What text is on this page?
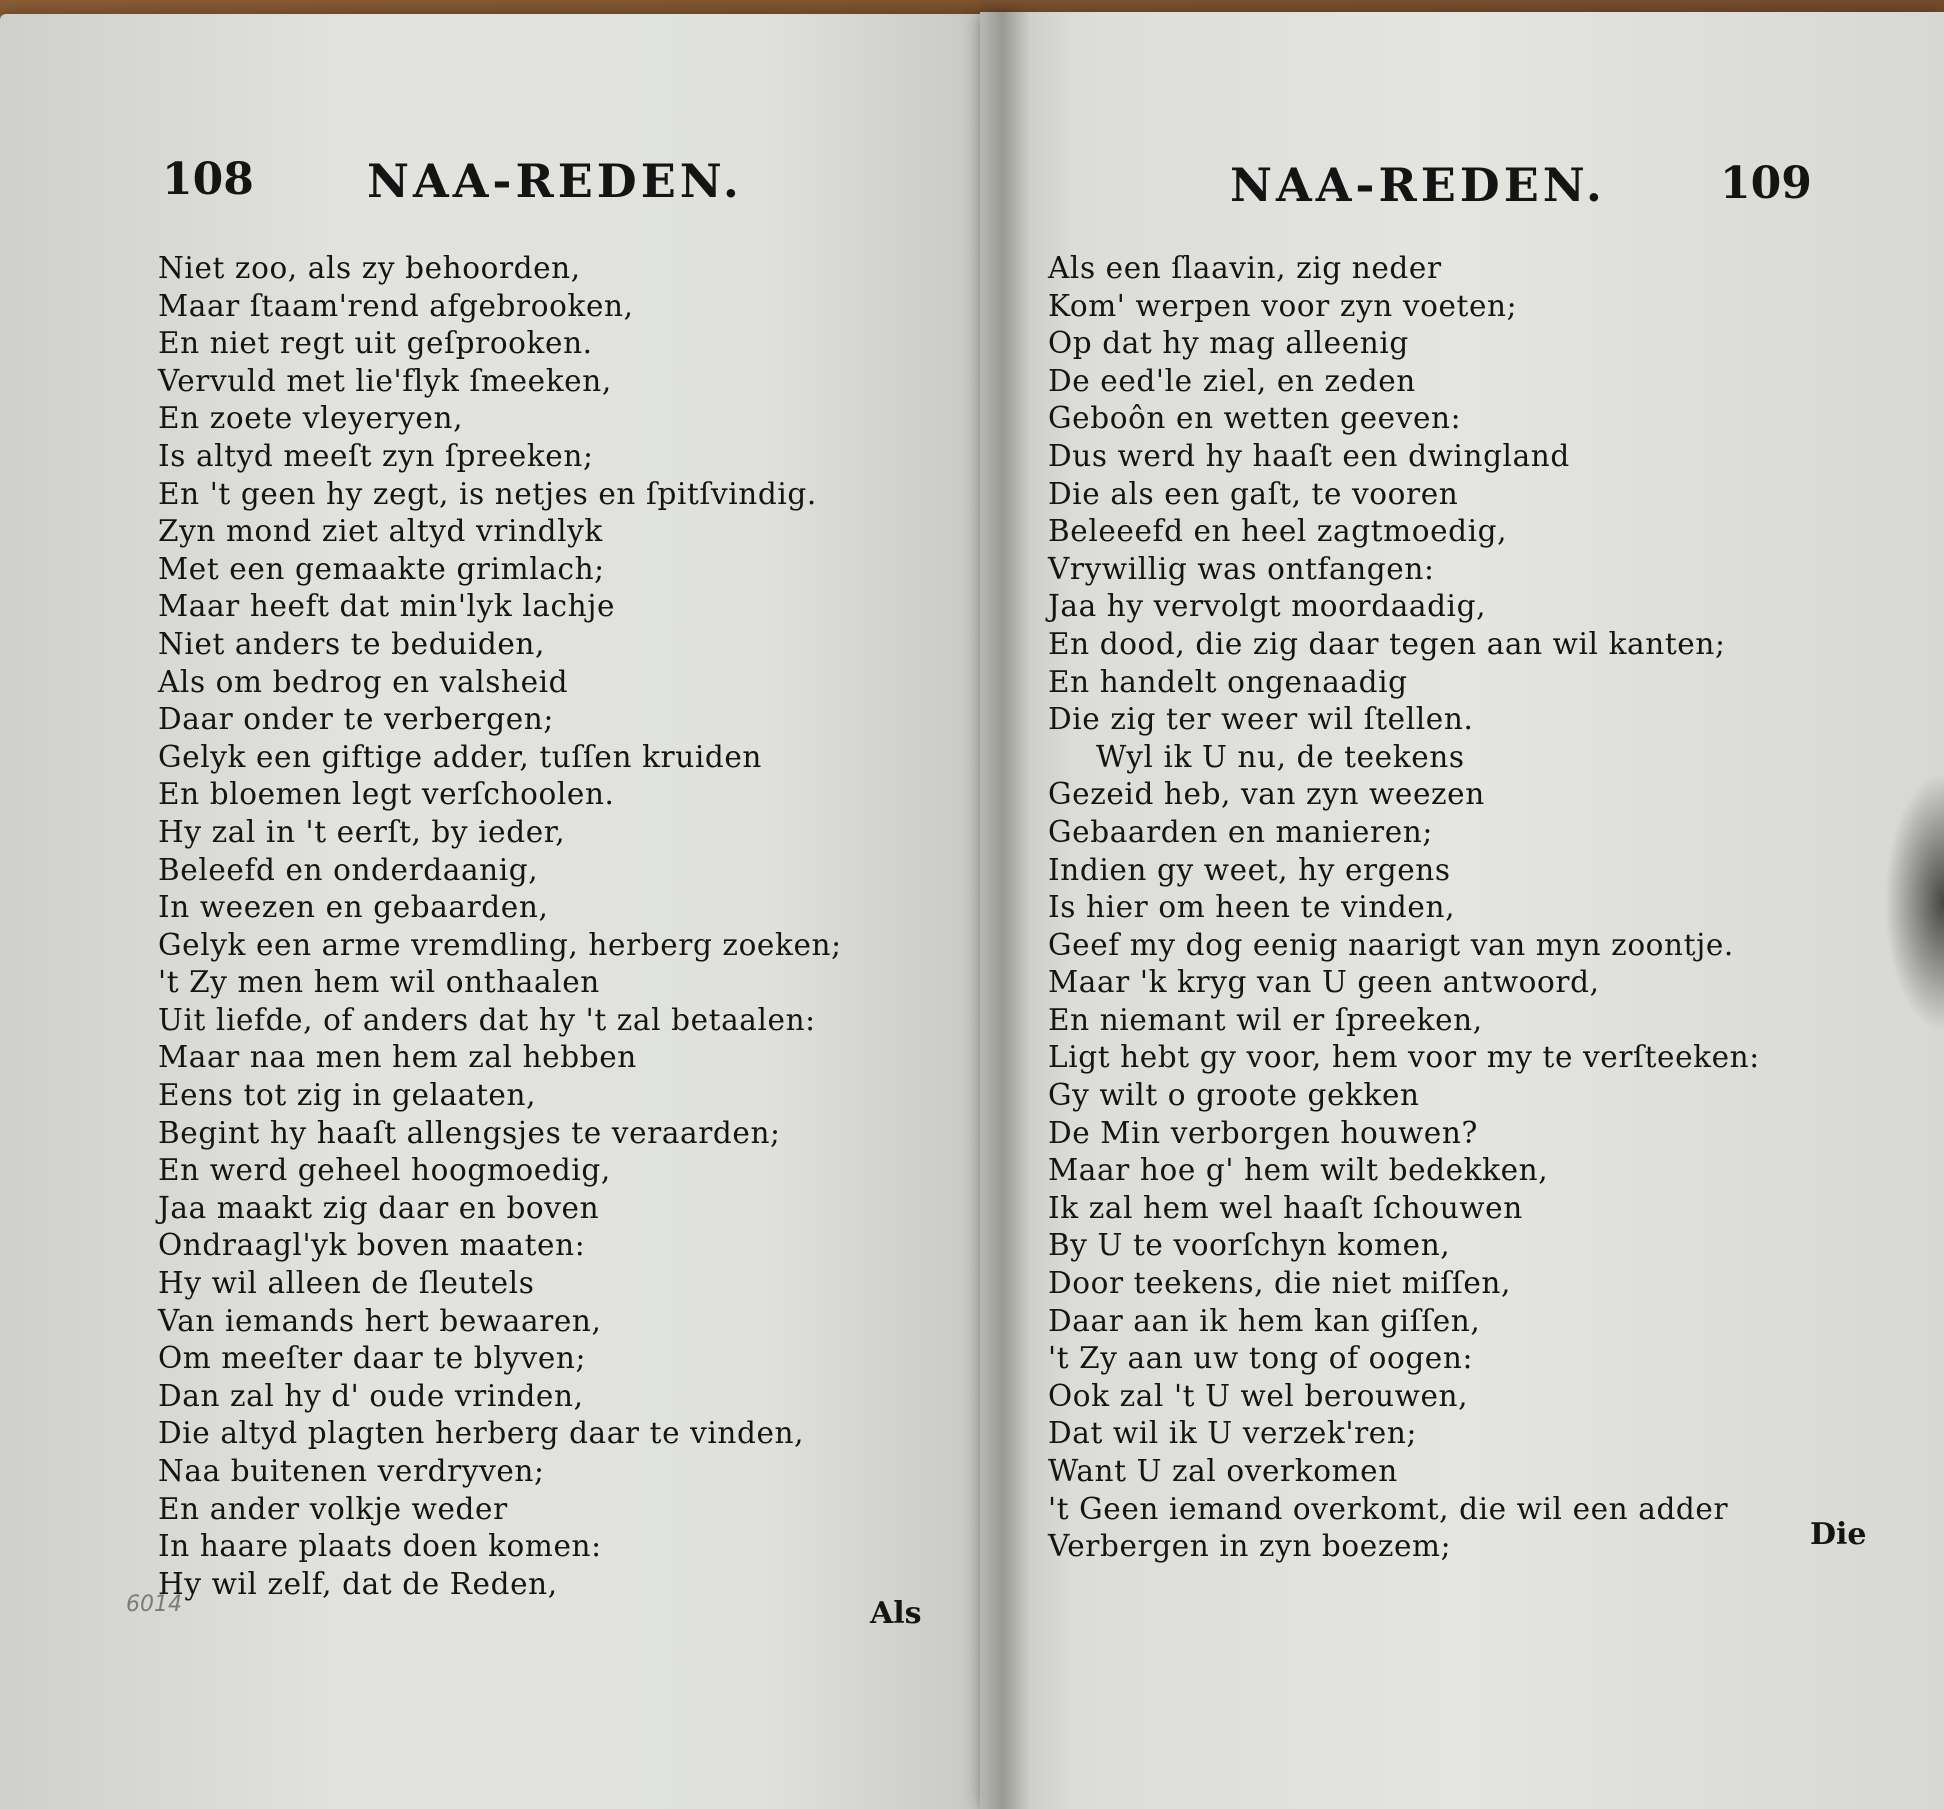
108 NAA-REDEN.
Niet zoo, als zy behoorden,
Maar ſtaam'rend afgebrooken,
En niet regt uit geſprooken.
Vervuld met lie'flyk ſmeeken,
En zoete vleyeryen,
Is altyd meeſt zyn ſpreeken;
En 't geen hy zegt, is netjes en ſpitſvindig.
Zyn mond ziet altyd vrindlyk
Met een gemaakte grimlach;
Maar heeft dat min'lyk lachje
Niet anders te beduiden,
Als om bedrog en valsheid
Daar onder te verbergen;
Gelyk een giftige adder, tuſſen kruiden
En bloemen legt verſchoolen.
Hy zal in 't eerſt, by ieder,
Beleefd en onderdaanig,
In weezen en gebaarden,
Gelyk een arme vremdling, herberg zoeken;
't Zy men hem wil onthaalen
Uit liefde, of anders dat hy 't zal betaalen:
Maar naa men hem zal hebben
Eens tot zig in gelaaten,
Begint hy haaſt allengsjes te veraarden;
En werd geheel hoogmoedig,
Jaa maakt zig daar en boven
Ondraagl'yk boven maaten:
Hy wil alleen de ſleutels
Van iemands hert bewaaren,
Om meeſter daar te blyven;
Dan zal hy d' oude vrinden,
Die altyd plagten herberg daar te vinden,
Naa buitenen verdryven;
En ander volkje weder
In haare plaats doen komen:
Hy wil zelf, dat de Reden,
Als
6014
NAA-REDEN.	109
Als een ſlaavin, zig neder
Kom' werpen voor zyn voeten;
Op dat hy mag alleenig
De eed'le ziel, en zeden
Geboôn en wetten geeven:
Dus werd hy haaſt een dwingland
Die als een gaſt, te vooren
Beleeefd en heel zagtmoedig,
Vrywillig was ontfangen:
Jaa hy vervolgt moordaadig,
En dood, die zig daar tegen aan wil kanten;
En handelt ongenaadig
Die zig ter weer wil ſtellen.
Wyl ik U nu, de teekens
Gezeid heb, van zyn weezen
Gebaarden en manieren;
Indien gy weet, hy ergens
Is hier om heen te vinden,
Geef my dog eenig naarigt van myn zoontje.
Maar 'k kryg van U geen antwoord,
En niemant wil er ſpreeken,
Ligt hebt gy voor, hem voor my te verſteeken:
Gy wilt o groote gekken
De Min verborgen houwen?
Maar hoe g' hem wilt bedekken,
Ik zal hem wel haaſt ſchouwen
By U te voorſchyn komen,
Door teekens, die niet miſſen,
Daar aan ik hem kan giſſen,
't Zy aan uw tong of oogen:
Ook zal 't U wel berouwen,
Dat wil ik U verzek'ren;
Want U zal overkomen
't Geen iemand overkomt, die wil een adder
Verbergen in zyn boezem;	Die
